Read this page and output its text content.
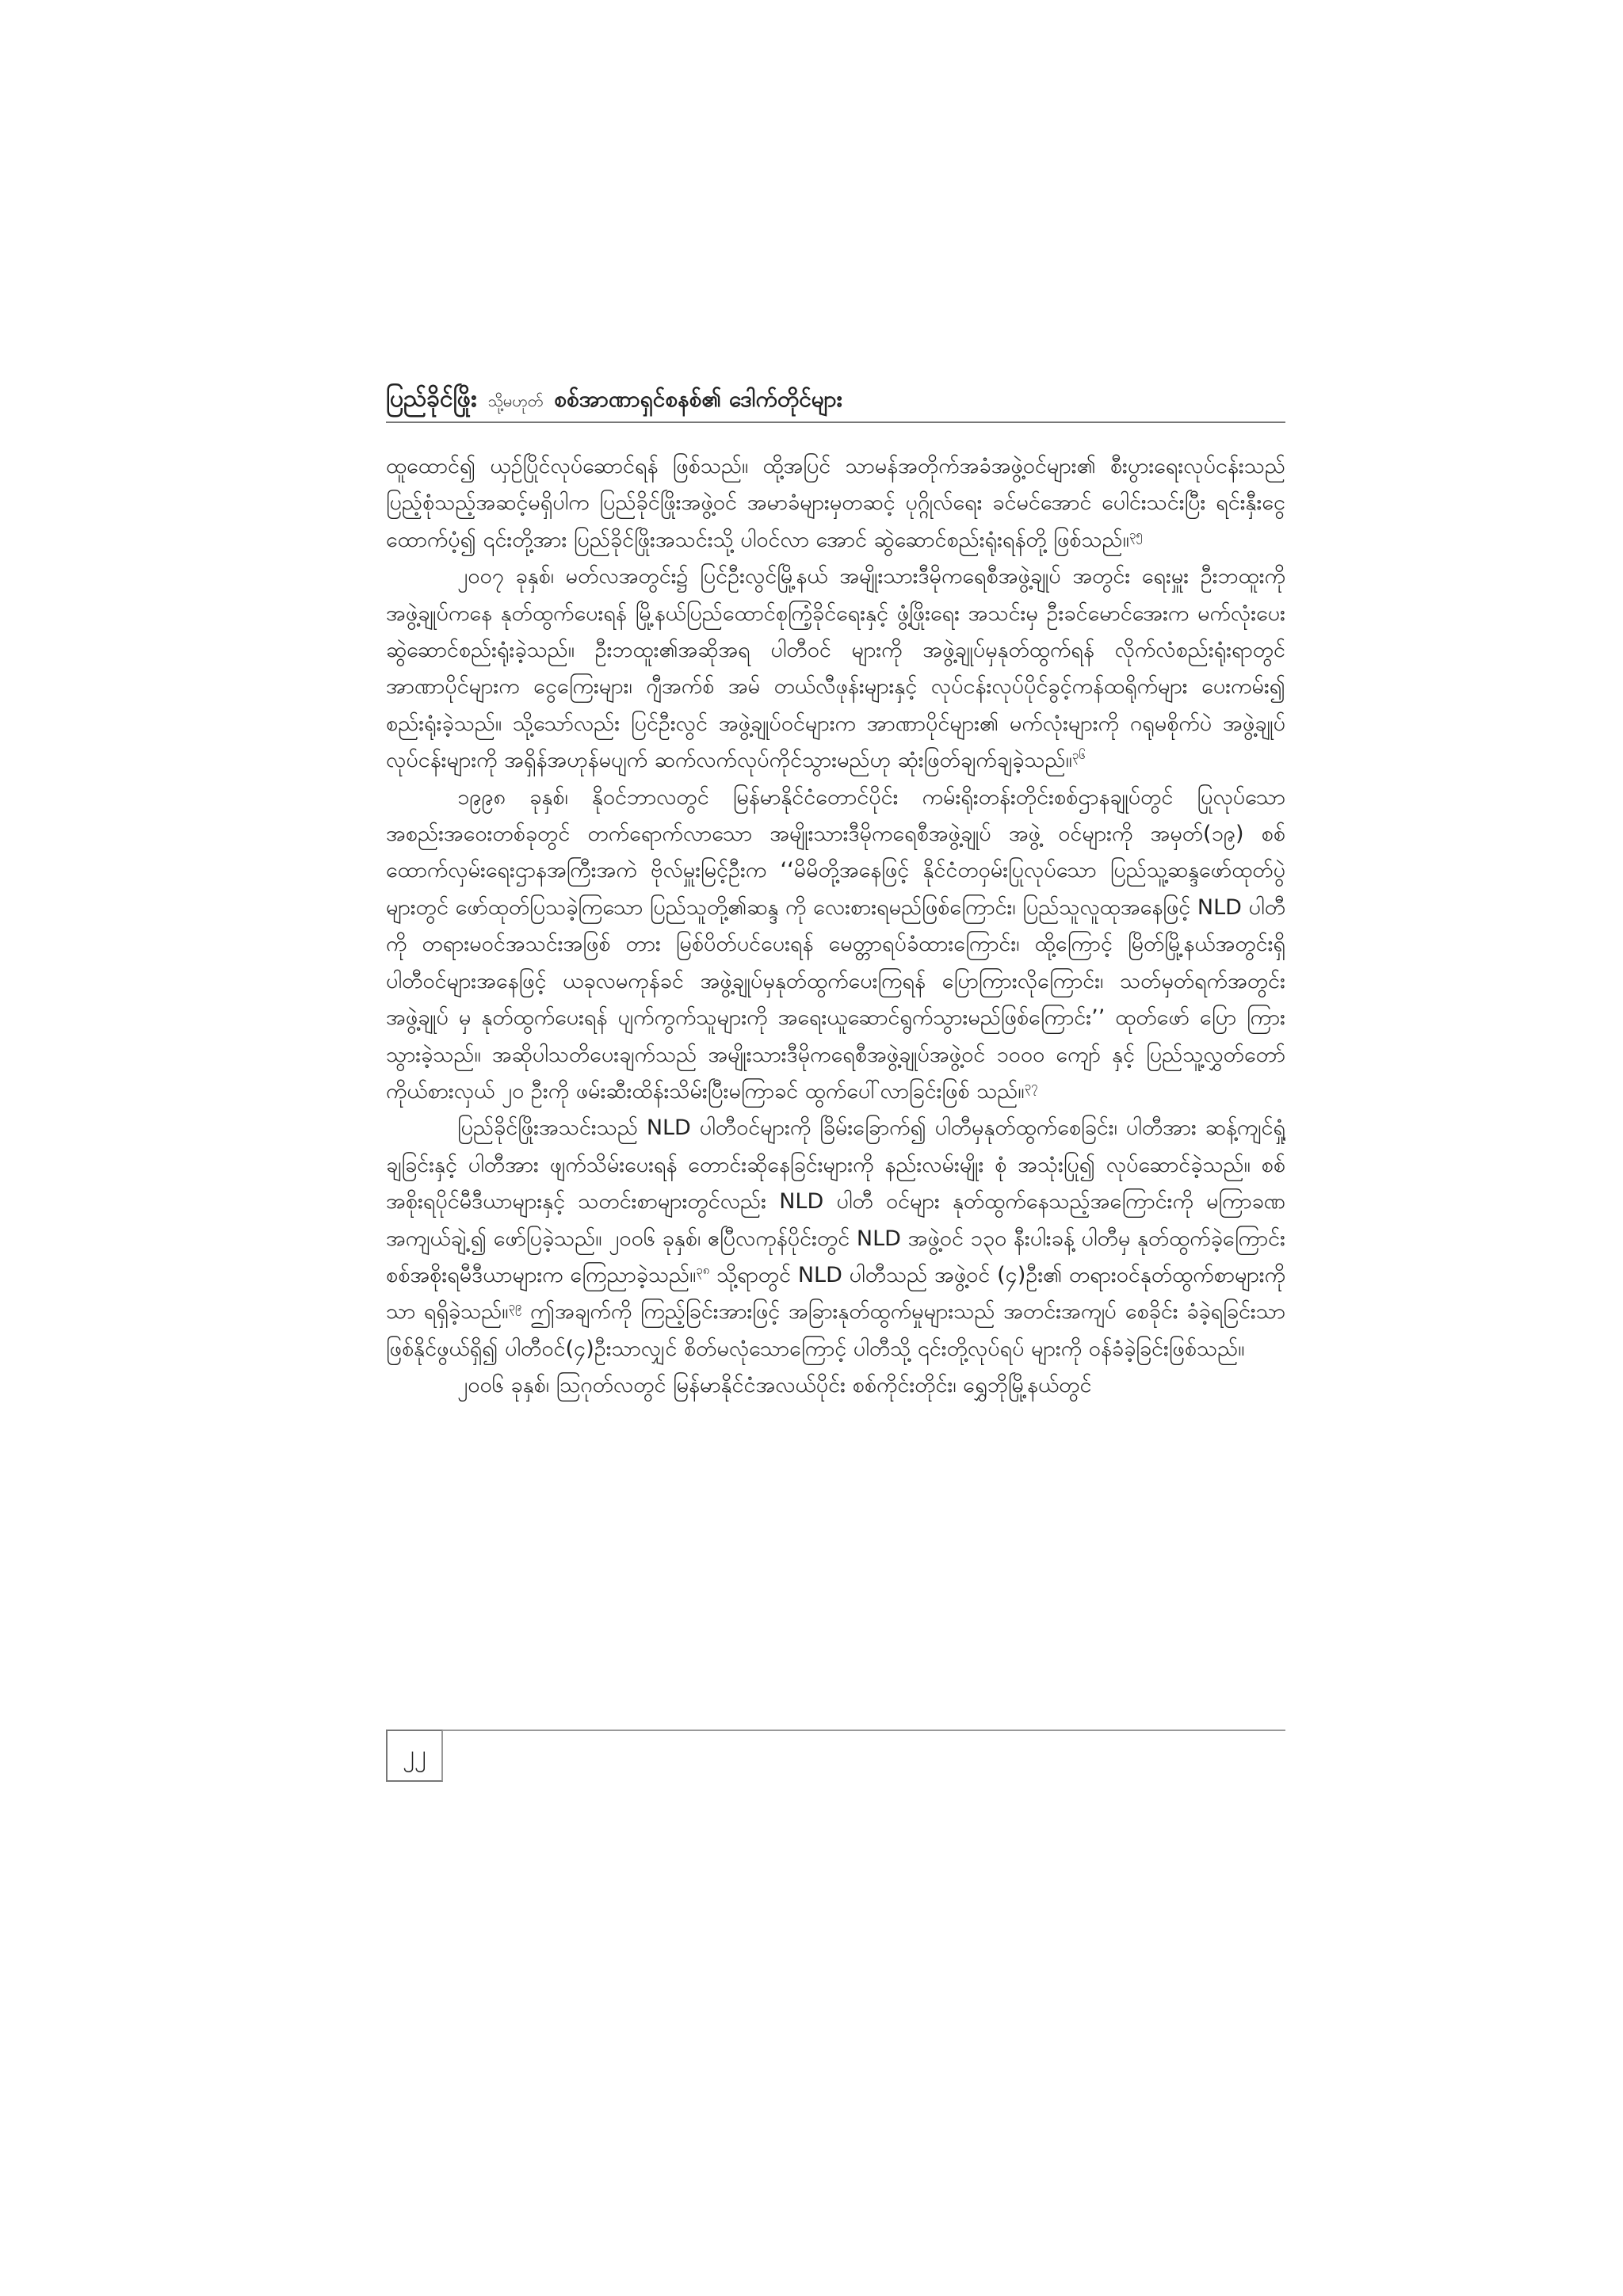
ပြည်ခိုင်ဖြိုး သို့မဟုတ် စစ်အာဏာရှင်စနစ်၏ ဒေါက်တိုင်များ

ထူထောင်၍ ယှဉ်ပြိုင်လုပ်ဆောင်ရန် ဖြစ်သည်။ ထို့အပြင် သာမန်အတိုက်အခံအဖွဲ့ဝင်များ၏ စီးပွားရေးလုပ်ငန်းသည် ပြည့်စုံသည့်အဆင့်မရှိပါက ပြည်ခိုင်ဖြိုးအဖွဲ့ဝင် အမာခံများမှတဆင့် ပုဂ္ဂိုလ်ရေး ခင်မင်အောင် ပေါင်းသင်းပြီး ရင်းနှီးငွေထောက်ပံ့၍ ၎င်းတို့အား ပြည်ခိုင်ဖြိုးအသင်းသို့ ပါဝင်လာ အောင် ဆွဲဆောင်စည်းရုံးရန်တို့ ဖြစ်သည်။$^{၃၅}$

၂၀၀၇ ခုနှစ်၊ မတ်လအတွင်း၌ ပြင်ဦးလွင်မြို့နယ် အမျိုးသားဒီမိုကရေစီအဖွဲ့ချုပ် အတွင်း ရေးမှူး ဦးဘထူးကို အဖွဲ့ချုပ်ကနေ နုတ်ထွက်ပေးရန် မြို့နယ်ပြည်ထောင်စုကြံ့ခိုင်ရေးနှင့် ဖွံ့ဖြိုးရေး အသင်းမှ ဦးခင်မောင်အေးက မက်လုံးပေး ဆွဲဆောင်စည်းရုံးခဲ့သည်။ ဦးဘထူး၏အဆိုအရ ပါတီဝင် များကို အဖွဲ့ချုပ်မှနုတ်ထွက်ရန် လိုက်လံစည်းရုံးရာတွင် အာဏာပိုင်များက ငွေကြေးများ၊ ဂျီအက်စ် အမ် တယ်လီဖုန်းများနှင့် လုပ်ငန်းလုပ်ပိုင်ခွင့်ကန်ထရိုက်များ ပေးကမ်း၍ စည်းရုံးခဲ့သည်။ သို့သော်လည်း ပြင်ဦးလွင် အဖွဲ့ချုပ်ဝင်များက အာဏာပိုင်များ၏ မက်လုံးများကို ဂရုမစိုက်ပဲ အဖွဲ့ချုပ်လုပ်ငန်းများကို အရှိန်အဟုန်မပျက် ဆက်လက်လုပ်ကိုင်သွားမည်ဟု ဆုံးဖြတ်ချက်ချခဲ့သည်။$^{၃၆}$

၁၉၉၈ ခုနှစ်၊ နိုဝင်ဘာလတွင် မြန်မာနိုင်ငံတောင်ပိုင်း ကမ်းရိုးတန်းတိုင်းစစ်ဌာနချုပ်တွင် ပြုလုပ်သော အစည်းအဝေးတစ်ခုတွင် တက်ရောက်လာသော အမျိုးသားဒီမိုကရေစီအဖွဲ့ချုပ် အဖွဲ့ ဝင်များကို အမှတ်(၁၉) စစ်ထောက်လှမ်းရေးဌာနအကြီးအကဲ ဗိုလ်မှူးမြင့်ဦးက ‘‘မိမိတို့အနေဖြင့် နိုင်ငံတဝှမ်းပြုလုပ်သော ပြည်သူ့ဆန္ဒဖော်ထုတ်ပွဲများတွင် ဖော်ထုတ်ပြသခဲ့ကြသော ပြည်သူတို့၏ဆန္ဒ ကို လေးစားရမည်ဖြစ်ကြောင်း၊ ပြည်သူလူထုအနေဖြင့် NLD ပါတီကို တရားမဝင်အသင်းအဖြစ် တား မြစ်ပိတ်ပင်ပေးရန် မေတ္တာရပ်ခံထားကြောင်း၊ ထို့ကြောင့် မြိတ်မြို့နယ်အတွင်းရှိ ပါတီဝင်များအနေဖြင့် ယခုလမကုန်ခင် အဖွဲ့ချုပ်မှနုတ်ထွက်ပေးကြရန် ပြောကြားလိုကြောင်း၊ သတ်မှတ်ရက်အတွင်း အဖွဲ့ချုပ် မှ နုတ်ထွက်ပေးရန် ပျက်ကွက်သူများကို အရေးယူဆောင်ရွက်သွားမည်ဖြစ်ကြောင်း’’ ထုတ်ဖော် ပြော ကြားသွားခဲ့သည်။ အဆိုပါသတိပေးချက်သည် အမျိုးသားဒီမိုကရေစီအဖွဲ့ချုပ်အဖွဲ့ဝင် ၁၀၀၀ ကျော် နှင့် ပြည်သူ့လွှတ်တော်ကိုယ်စားလှယ် ၂၀ ဦးကို ဖမ်းဆီးထိန်းသိမ်းပြီးမကြာခင် ထွက်ပေါ်လာခြင်းဖြစ် သည်။$^{၃၇}$

ပြည်ခိုင်ဖြိုးအသင်းသည် NLD ပါတီဝင်များကို ခြိမ်းခြောက်၍ ပါတီမှနုတ်ထွက်စေခြင်း၊ ပါတီအား ဆန့်ကျင်ရှုံ့ချခြင်းနှင့် ပါတီအား ဖျက်သိမ်းပေးရန် တောင်းဆိုနေခြင်းများကို နည်းလမ်းမျိုး စုံ အသုံးပြု၍ လုပ်ဆောင်ခဲ့သည်။ စစ်အစိုးရပိုင်မီဒီယာများနှင့် သတင်းစာများတွင်လည်း NLD ပါတီ ဝင်များ နုတ်ထွက်နေသည့်အကြောင်းကို မကြာခဏ အကျယ်ချဲ့၍ ဖော်ပြခဲ့သည်။ ၂၀၀၆ ခုနှစ်၊ ဧပြီလကုန်ပိုင်းတွင် NLD အဖွဲ့ဝင် ၁၃၀ နီးပါးခန့် ပါတီမှ နုတ်ထွက်ခဲ့ကြောင်း စစ်အစိုးရမီဒီယာများက ကြေညာခဲ့သည်။$^{၃၈}$ သို့ရာတွင် NLD ပါတီသည် အဖွဲ့ဝင် (၄)ဦး၏ တရားဝင်နုတ်ထွက်စာများကိုသာ ရရှိခဲ့သည်။$^{၃၉}$ ဤအချက်ကို ကြည့်ခြင်းအားဖြင့် အခြားနုတ်ထွက်မှုများသည် အတင်းအကျပ် စေခိုင်း ခံခဲ့ရခြင်းသာ ဖြစ်နိုင်ဖွယ်ရှိ၍ ပါတီဝင်(၄)ဦးသာလျှင် စိတ်မလုံသောကြောင့် ပါတီသို့ ၎င်းတို့လုပ်ရပ် များကို ဝန်ခံခဲ့ခြင်းဖြစ်သည်။

၂၀၀၆ ခုနှစ်၊ ဩဂုတ်လတွင် မြန်မာနိုင်ငံအလယ်ပိုင်း စစ်ကိုင်းတိုင်း၊ ရွှေဘိုမြို့နယ်တွင်

၂၂
